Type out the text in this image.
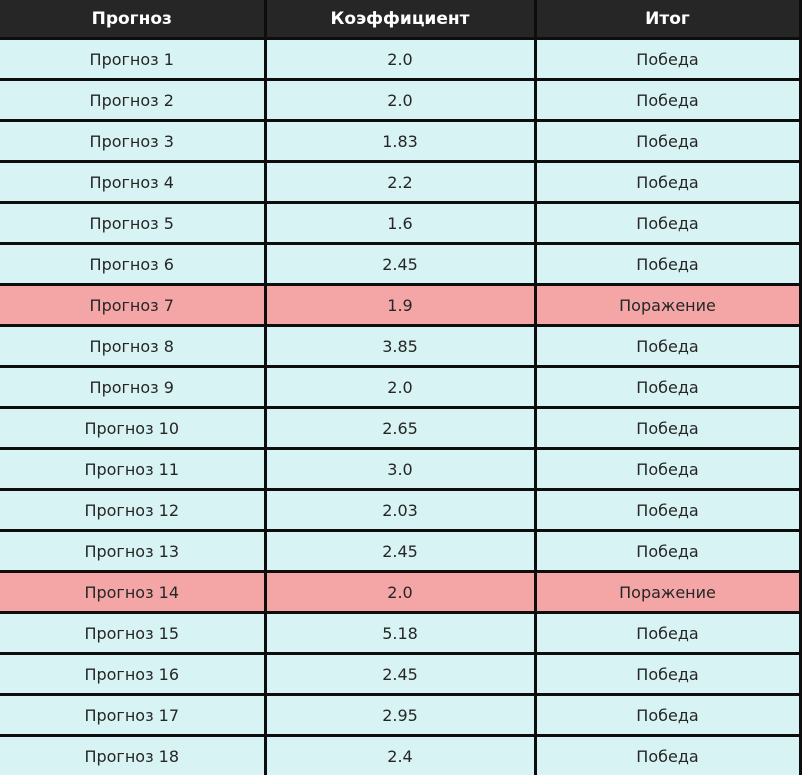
Прогноз	Коэффициент	Итог
Прогноз 1	2.0	Победа
Прогноз 2	2.0	Победа
Прогноз 3	1.83	Победа
Прогноз 4	2.2	Победа
Прогноз 5	1.6	Победа
Прогноз 6	2.45	Победа
Прогноз 7	1.9	Поражение
Прогноз 8	3.85	Победа
Прогноз 9	2.0	Победа
Прогноз 10	2.65	Победа
Прогноз 11	3.0	Победа
Прогноз 12	2.03	Победа
Прогноз 13	2.45	Победа
Прогноз 14	2.0	Поражение
Прогноз 15	5.18	Победа
Прогноз 16	2.45	Победа
Прогноз 17	2.95	Победа
Прогноз 18	2.4	Победа
